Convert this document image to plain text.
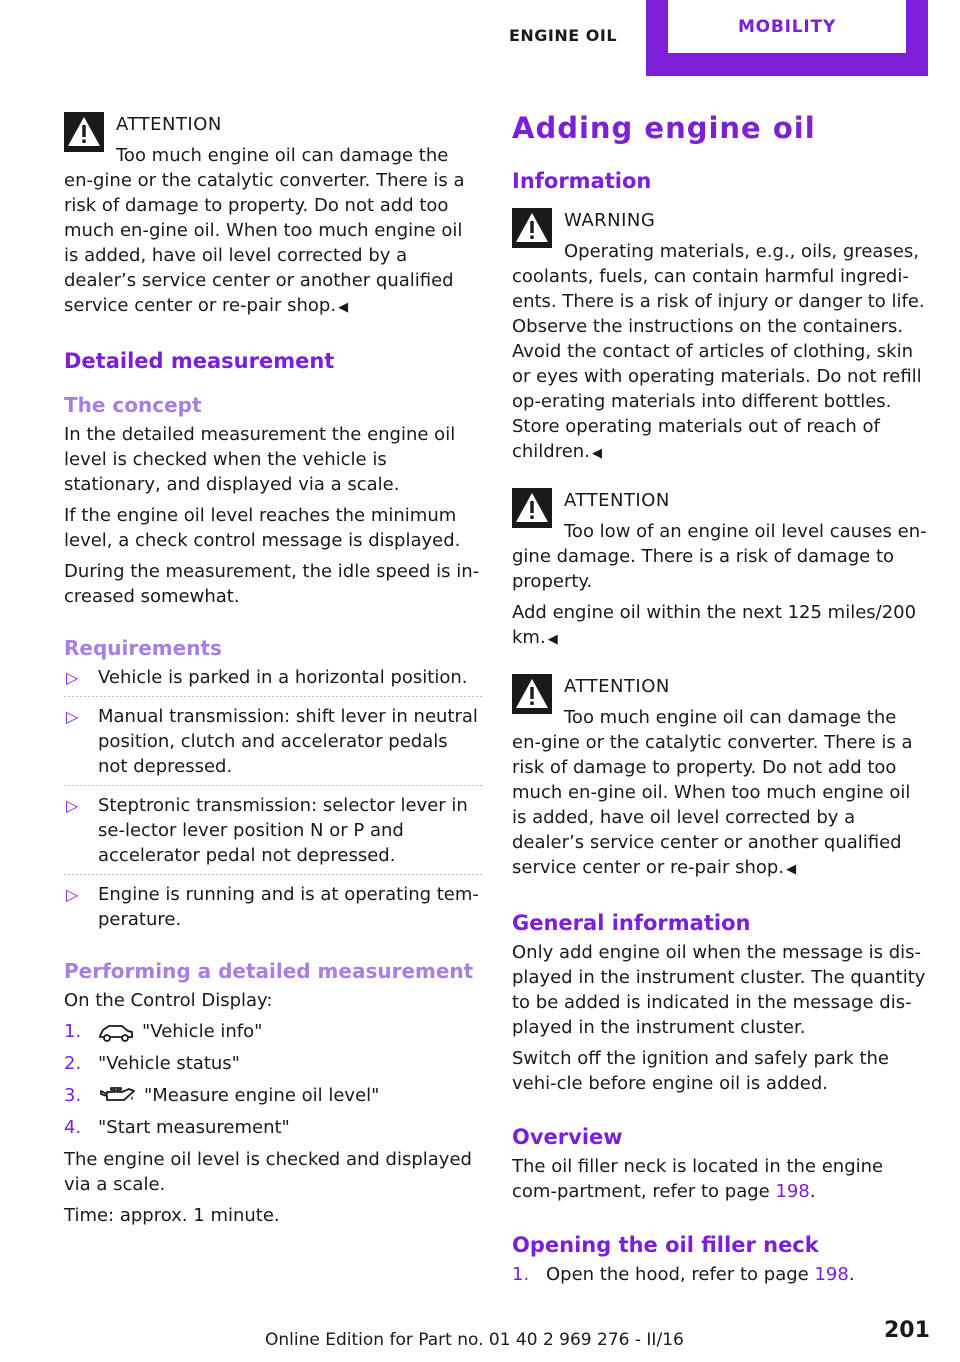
ENGINE OIL	MOBILITY
ATTENTION
Too much engine oil can damage the en-gine or the catalytic converter. There is a risk of damage to property. Do not add too much en-gine oil. When too much engine oil is added, have oil level corrected by a dealer’s service center or another qualified service center or re-pair shop. ◀
Detailed measurement
The concept

In the detailed measurement the engine oil level is checked when the vehicle is stationary, and displayed via a scale.

If the engine oil level reaches the minimum level, a check control message is displayed.

During the measurement, the idle speed is in-creased somewhat.

Requirements
▷ Vehicle is parked in a horizontal position.
▷ Manual transmission: shift lever in neutral position, clutch and accelerator pedals not depressed.
▷ Steptronic transmission: selector lever in se-lector lever position N or P and accelerator pedal not depressed.
▷ Engine is running and is at operating tem-perature.
Performing a detailed measurement

On the Control Display:

1.	"Vehicle info"
2. "Vehicle status"
3.	"Measure engine oil level"
4. "Start measurement"

The engine oil level is checked and displayed via a scale.

Time: approx. 1 minute.

Adding engine oil
Information
WARNING
Operating materials, e.g., oils, greases, coolants, fuels, can contain harmful ingredi-ents. There is a risk of injury or danger to life. Observe the instructions on the containers. Avoid the contact of articles of clothing, skin or eyes with operating materials. Do not refill op-erating materials into different bottles. Store operating materials out of reach of children. ◀
ATTENTION
Too low of an engine oil level causes en-gine damage. There is a risk of damage to property.

Add engine oil within the next 125 miles/200 km. ◀

ATTENTION
Too much engine oil can damage the en-gine or the catalytic converter. There is a risk of damage to property. Do not add too much en-gine oil. When too much engine oil is added, have oil level corrected by a dealer’s service center or another qualified service center or re-pair shop. ◀
General information

Only add engine oil when the message is dis-played in the instrument cluster. The quantity to be added is indicated in the message dis-played in the instrument cluster.

Switch off the ignition and safely park the vehi-cle before engine oil is added.

Overview

The oil filler neck is located in the engine com-partment, refer to page 198.

Opening the oil filler neck
1. Open the hood, refer to page 198.
Online Edition for Part no. 01 40 2 969 276 - II/16	201
